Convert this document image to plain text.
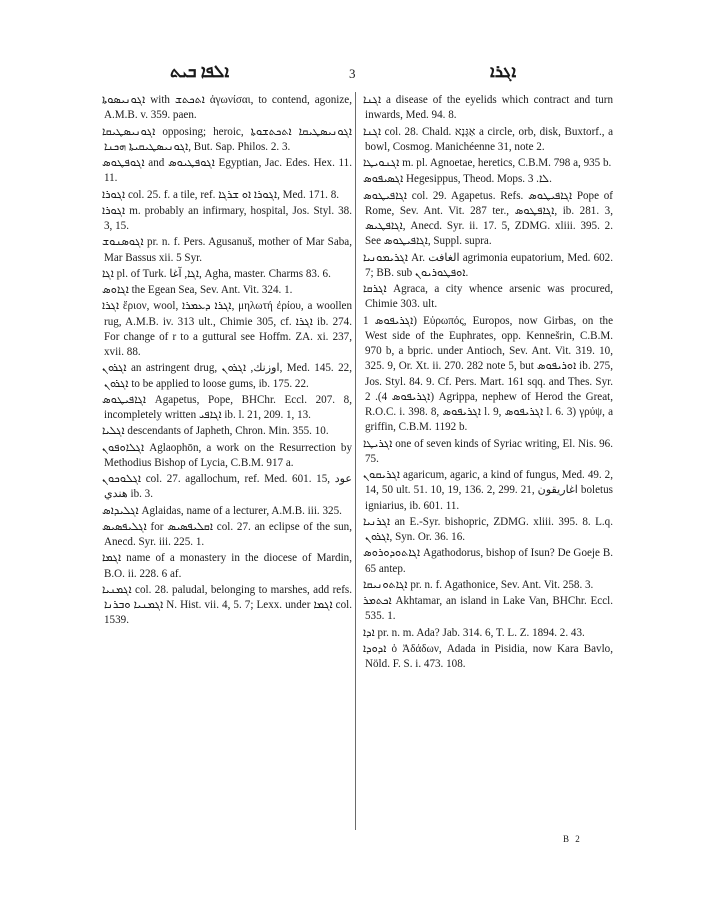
ܐܠܦܐ ܒܝܬ	3	ܐܓܪܐ

ܐܓܘܢܝܣܘܬܐ with ܐܬܟܬܫ ἀγωνίσαι, to contend, agonize, A.M.B. v. 359. paen.

ܐܓܘܢܝܣܛܝܩܐ opposing; heroic, ܐܓܘܢܝܣܛܝܩܐ ܐܬܟܬܫܘܬܐ ܐܓܘܢܝܣܛܝܩܝܬܐ ܗܟܢܐ, But. Sap. Philos. 2. 3.

ܐܓܘܦܛܘܣ and ܐܓܘܦܛܝܘܣ Egyptian, Jac. Edes. Hex. 11. 11.

ܐܓܘܪܐ col. 25. f. a tile, ref. ܐܓܘܪܐ ܐܘ ܫܪܓܐ, Med. 171. 8.

ܐܓܘܪܐ m. probably an infirmary, hospital, Jos. Styl. 38. 3, 15.

ܐܓܘܣܢܘܫ pr. n. f. Pers. Agusanuš, mother of Mar Saba, Mar Bassus xii. 5 Syr.

ܐܓܐ pl. of Turk. ܐܓܐ, ﺁﻏﺎ, Agha, master. Charms 83. 6.

ܐܓܐܘܣ the Egean Sea, Sev. Ant. Vit. 324. 1.

ܐܓܪܐ ἔριον, wool, ܐܓܪܐ ܕܥܡܪܐ, μηλωτή ἐρίου, a woollen rug, A.M.B. iv. 313 ult., Chimie 305, cf. ܐܓܪܐ ib. 274. For change of r to a guttural see Hoffm. ZA. xi. 237, xvii. 88.

ܐܓܪܘܢ an astringent drug, ﺍﻭﺯﻧﻚ, ܐܓܪܘܢ, Med. 145. 22, ܐܓܪܘܢ to be applied to loose gums, ib. 175. 22.

ܐܓܐܦܝܛܘܣ Agapetus, Pope, BHChr. Eccl. 207. 8, incompletely written ܐܓܐܦܝ ib. l. 21, 209. 1, 13.

ܐܓܠܝܐ descendants of Japheth, Chron. Min. 355. 10.

ܐܓܠܐܘܦܘܢ Aglaophōn, a work on the Resurrection by Methodius Bishop of Lycia, C.B.M. 917 a.

ܐܓܠܘܟܘܢ col. 27. agallochum, ref. Med. 601. 15, ﻋﻮﺩ ﻫﻨﺪﻱ ib. 3.

ܐܓܠܝܕܐܣ Aglaidas, name of a lecturer, A.M.B. iii. 325.

ܐܓܠܝܦܣܝܣ for ܐܩܠܝܦܣܝܣ col. 27. an eclipse of the sun, Anecd. Syr. iii. 225. 1.

ܐܓܡܐ name of a monastery in the diocese of Mardin, B.O. ii. 228. 6 af.

ܐܓܡܢܝܐ col. 28. paludal, belonging to marshes, add refs. ܐܓܡܢܝܐ ܘܒܪܢܐ N. Hist. vii. 4, 5. 7; Lexx. under ܐܓܡܐ col. 1539.

ܐܓܢܐ a disease of the eyelids which contract and turn inwards, Med. 94. 8.

ܐܓܢܐ col. 28. Chald. אַגָּנָא a circle, orb, disk, Buxtorf., a bowl, Cosmog. Manichéenne 31, note 2.

ܐܓܢܘܝܛܐ m. pl. Agnoetae, heretics, C.B.M. 798 a, 935 b.

ܐܓܣܝܦܘܣ Hegesippus, Theod. Mops. ܠܐ. 3.

ܐܓܐܦܝܛܘܣ col. 29. Agapetus. Refs. ܐܓܐܦܝܛܘܣ Pope of Rome, Sev. Ant. Vit. 287 ter., ܐܓܐܦܛܘܣ, ib. 281. 3, ܐܓܐܦܛܝܣ, Anecd. Syr. ii. 17. 5, ZDMG. xliii. 395. 2. See ܐܓܐܦܝܛܘܣ, Suppl. supra.

ܐܓܪܝܡܘܢܝܐ Ar. ﺍﻟﻐﺎﻓﺖ agrimonia eupatorium, Med. 602. 7; BB. sub ܐܘܦܛܘܪܝܘܢ.

ܐܓܪܩܐ Agraca, a city whence arsenic was procured, Chimie 303. ult.

ܐܓܪܝܦܘܣ 1) Εὐρωπός, Europos, now Girbas, on the West side of the Euphrates, opp. Kennešrin, C.B.M. 970 b, a bpric. under Antioch, Sev. Ant. Vit. 319. 10, 325. 9, Or. Xt. ii. 270. 282 note 5, but ܐܘܪܝܦܘܣ ib. 275, Jos. Styl. 84. 9. Cf. Pers. Mart. 161 sqq. and Thes. Syr. ܐܓܪܝܦܘܣ 4). 2) Agrippa, nephew of Herod the Great, R.O.C. i. 398. 8, ܐܓܪܝܦܘܣ l. 9, ܐܓܪܝܦܘܣ l. 6. 3) γρύψ, a griffin, C.B.M. 1192 b.

ܐܓܪܝܛܐ one of seven kinds of Syriac writing, El. Nis. 96. 75.

ܐܓܪܝܩܘܢ agaricum, agaric, a kind of fungus, Med. 49. 2, 14, 50 ult. 51. 10, 19, 136. 2, 299. 21, ﺍﻏﺎﺭﻳﻘﻮﻥ boletus igniarius, ib. 601. 11.

ܐܓܪܢܝܐ an E.-Syr. bishopric, ZDMG. xliii. 395. 8. L.q. ܐܓܪܘܢ, Syn. Or. 36. 16.

ܐܓܐܬܘܕܘܪܘܣ Agathodorus, bishop of Isun? De Goeje B. 65 antep.

ܐܓܐܬܘܢܝܩܐ pr. n. f. Agathonice, Sev. Ant. Vit. 258. 3.

ܐܟܬܡܪ Akhtamar, an island in Lake Van, BHChr. Eccl. 535. 1.

ܐܕܐ pr. n. m. Ada? Jab. 314. 6, T. L. Z. 1894. 2. 43.

ܐܕܘܕܐ ὁ Ἀδάδων, Adada in Pisidia, now Kara Bavlo, Nöld. F. S. i. 473. 108.

B 2
